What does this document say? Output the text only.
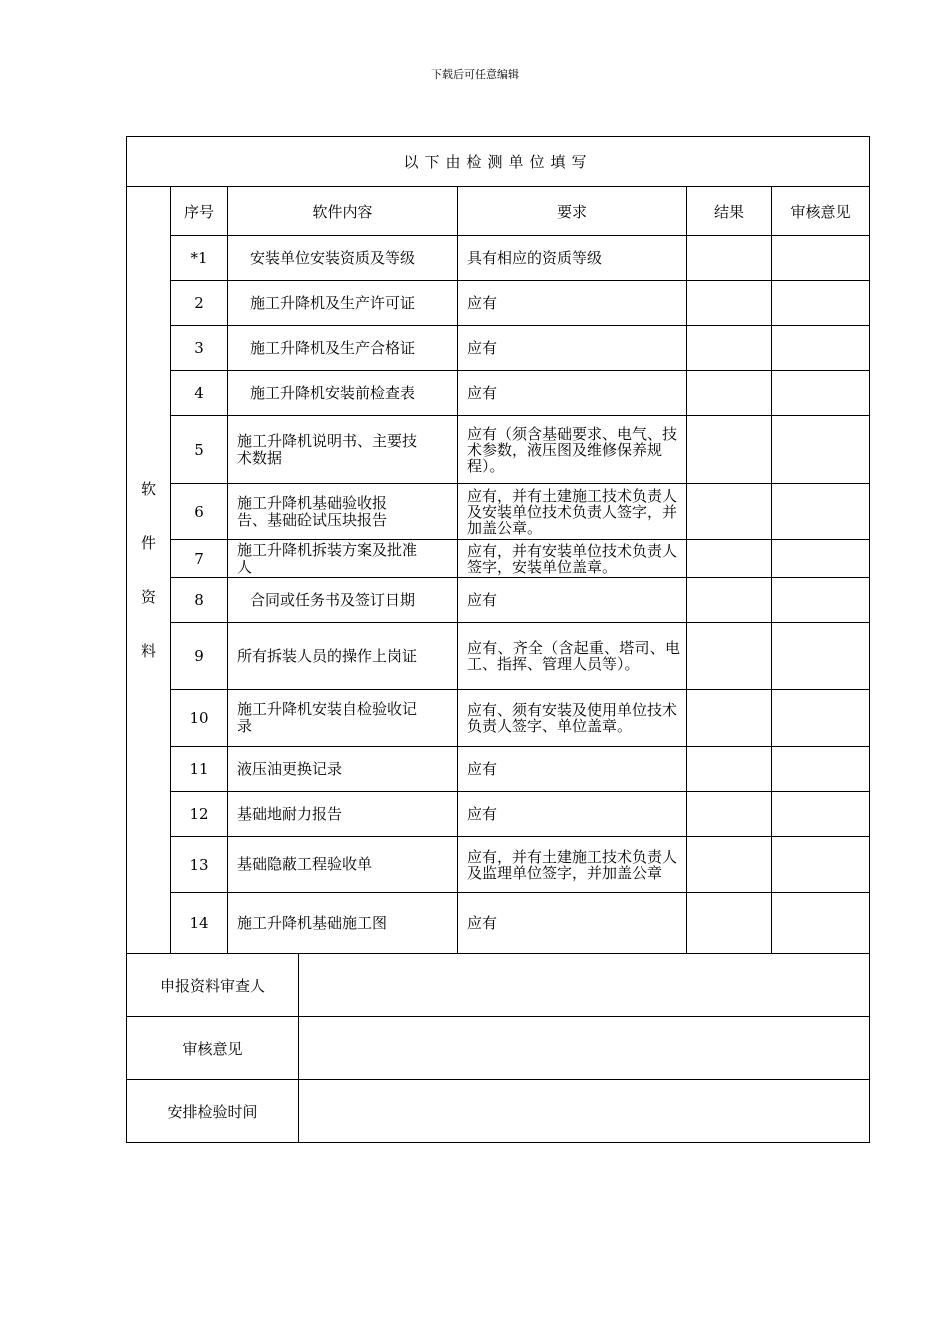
下载后可任意编辑
以下由检测单位填写						

软
件
资
料	序号	软件内容		要求	结果	审核意见
	*1	安装单位安装资质及等级		具有相应的资质等级		
	2	施工升降机及生产许可证		应有		
	3	施工升降机及生产合格证		应有		
	4	施工升降机安装前检查表		应有		
	5	施工升降机说明书、主要技术数据		应有（须含基础要求、电气、技术参数，液压图及维修保养规程）。		
	6	施工升降机基础验收报告、基础砼试压块报告		应有，并有土建施工技术负责人及安装单位技术负责人签字，并加盖公章。		
	7	施工升降机拆装方案及批准人		应有，并有安装单位技术负责人签字，安装单位盖章。		
	8	合同或任务书及签订日期		应有		
	9	所有拆装人员的操作上岗证		应有、齐全（含起重、塔司、电工、指挥、管理人员等）。		
	10	施工升降机安装自检验收记录		应有、须有安装及使用单位技术负责人签字、单位盖章。		
	11	液压油更换记录		应有		
	12	基础地耐力报告		应有		
	13	基础隐蔽工程验收单		应有，并有土建施工技术负责人及监理单位签字，并加盖公章		
	14	施工升降机基础施工图		应有		
申报资料审查人						
审核意见						
安排检验时间						
